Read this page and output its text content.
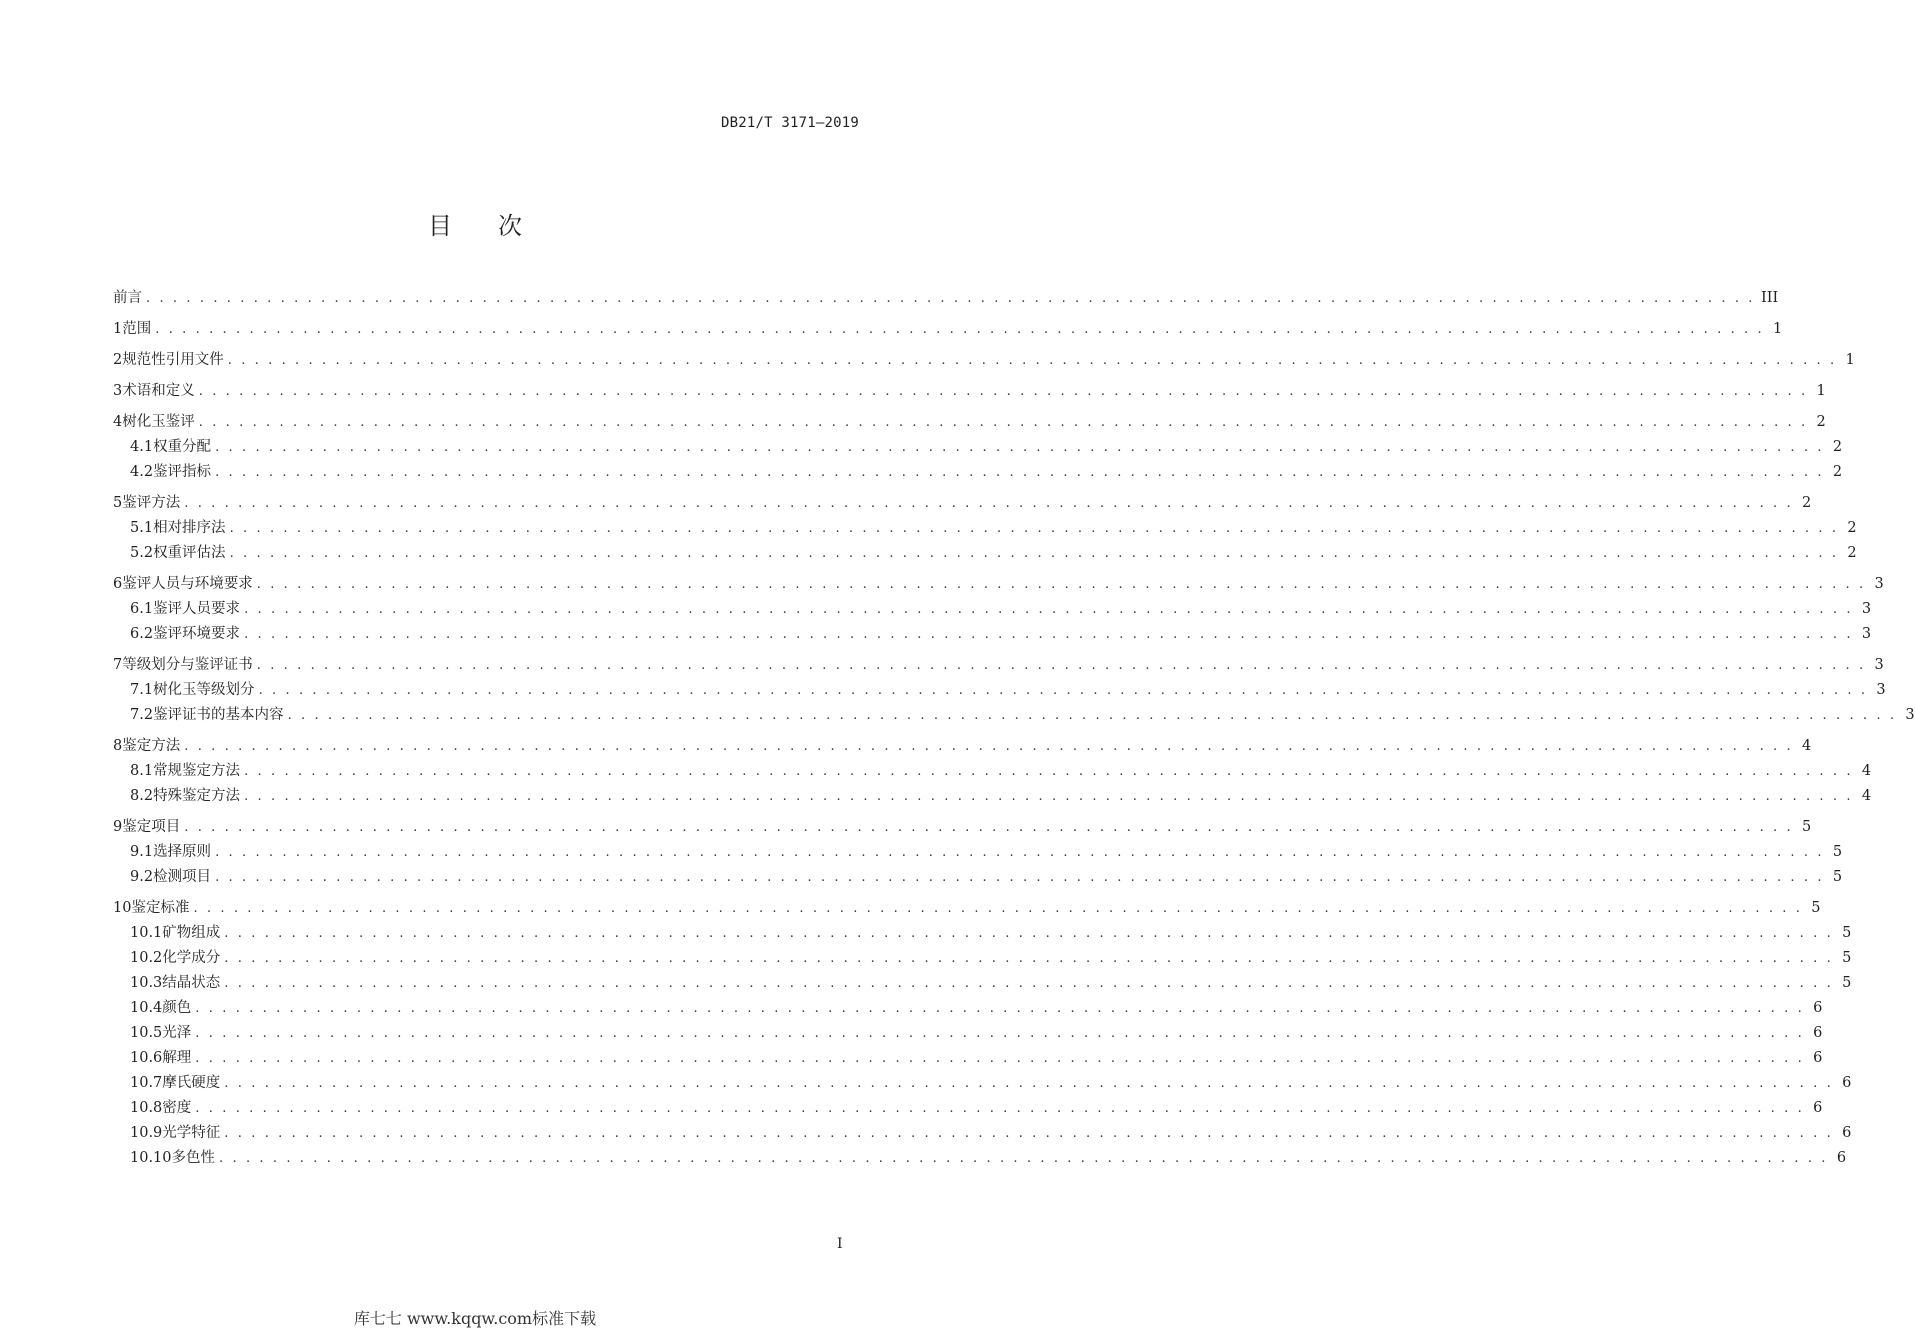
DB21/T 3171—2019
目 次
前言 . . . . . . . . . . . . . . . . . . . . . . . . . . . . . . . . . . . . . . . . . . . . . . . . . . . . . . . . . . . . . . . . . . . . . . . . . . . . . . . . . . . . . . . . . . . . . . . . . . . . . . . . . . . . . . . . . . . . . . . . III
1 范围 . . . . . . . . . . . . . . . . . . . . . . . . . . . . . . . . . . . . . . . . . . . . . . . . . . . . . . . . . . . . . . . . . . . . . . . . . . . . . . . . . . . . . . . . . . . . . . . . . . . . . . . . . . . . . . . . . . . . . . . . 1
2 规范性引用文件 . . . . . . . . . . . . . . . . . . . . . . . . . . . . . . . . . . . . . . . . . . . . . . . . . . . . . . . . . . . . . . . . . . . . . . . . . . . . . . . . . . . . . . . . . . . . . . . . . . . . . . . . . . . . . . . . . . . . . . . . 1
3 术语和定义 . . . . . . . . . . . . . . . . . . . . . . . . . . . . . . . . . . . . . . . . . . . . . . . . . . . . . . . . . . . . . . . . . . . . . . . . . . . . . . . . . . . . . . . . . . . . . . . . . . . . . . . . . . . . . . . . . . . . . . . . 1
4 树化玉鉴评 . . . . . . . . . . . . . . . . . . . . . . . . . . . . . . . . . . . . . . . . . . . . . . . . . . . . . . . . . . . . . . . . . . . . . . . . . . . . . . . . . . . . . . . . . . . . . . . . . . . . . . . . . . . . . . . . . . . . . . . . 2
4.1 权重分配 . . . . . . . . . . . . . . . . . . . . . . . . . . . . . . . . . . . . . . . . . . . . . . . . . . . . . . . . . . . . . . . . . . . . . . . . . . . . . . . . . . . . . . . . . . . . . . . . . . . . . . . . . . . . . . . . . . . . . . . . 2
4.2 鉴评指标 . . . . . . . . . . . . . . . . . . . . . . . . . . . . . . . . . . . . . . . . . . . . . . . . . . . . . . . . . . . . . . . . . . . . . . . . . . . . . . . . . . . . . . . . . . . . . . . . . . . . . . . . . . . . . . . . . . . . . . . . 2
5 鉴评方法 . . . . . . . . . . . . . . . . . . . . . . . . . . . . . . . . . . . . . . . . . . . . . . . . . . . . . . . . . . . . . . . . . . . . . . . . . . . . . . . . . . . . . . . . . . . . . . . . . . . . . . . . . . . . . . . . . . . . . . . . 2
5.1 相对排序法 . . . . . . . . . . . . . . . . . . . . . . . . . . . . . . . . . . . . . . . . . . . . . . . . . . . . . . . . . . . . . . . . . . . . . . . . . . . . . . . . . . . . . . . . . . . . . . . . . . . . . . . . . . . . . . . . . . . . . . . . 2
5.2 权重评估法 . . . . . . . . . . . . . . . . . . . . . . . . . . . . . . . . . . . . . . . . . . . . . . . . . . . . . . . . . . . . . . . . . . . . . . . . . . . . . . . . . . . . . . . . . . . . . . . . . . . . . . . . . . . . . . . . . . . . . . . . 2
6 鉴评人员与环境要求 . . . . . . . . . . . . . . . . . . . . . . . . . . . . . . . . . . . . . . . . . . . . . . . . . . . . . . . . . . . . . . . . . . . . . . . . . . . . . . . . . . . . . . . . . . . . . . . . . . . . . . . . . . . . . . . . . . . . . . . . 3
6.1 鉴评人员要求 . . . . . . . . . . . . . . . . . . . . . . . . . . . . . . . . . . . . . . . . . . . . . . . . . . . . . . . . . . . . . . . . . . . . . . . . . . . . . . . . . . . . . . . . . . . . . . . . . . . . . . . . . . . . . . . . . . . . . . . . 3
6.2 鉴评环境要求 . . . . . . . . . . . . . . . . . . . . . . . . . . . . . . . . . . . . . . . . . . . . . . . . . . . . . . . . . . . . . . . . . . . . . . . . . . . . . . . . . . . . . . . . . . . . . . . . . . . . . . . . . . . . . . . . . . . . . . . . 3
7 等级划分与鉴评证书 . . . . . . . . . . . . . . . . . . . . . . . . . . . . . . . . . . . . . . . . . . . . . . . . . . . . . . . . . . . . . . . . . . . . . . . . . . . . . . . . . . . . . . . . . . . . . . . . . . . . . . . . . . . . . . . . . . . . . . . . 3
7.1 树化玉等级划分 . . . . . . . . . . . . . . . . . . . . . . . . . . . . . . . . . . . . . . . . . . . . . . . . . . . . . . . . . . . . . . . . . . . . . . . . . . . . . . . . . . . . . . . . . . . . . . . . . . . . . . . . . . . . . . . . . . . . . . . . 3
7.2 鉴评证书的基本内容 . . . . . . . . . . . . . . . . . . . . . . . . . . . . . . . . . . . . . . . . . . . . . . . . . . . . . . . . . . . . . . . . . . . . . . . . . . . . . . . . . . . . . . . . . . . . . . . . . . . . . . . . . . . . . . . . . . . . . . . . 3
8 鉴定方法 . . . . . . . . . . . . . . . . . . . . . . . . . . . . . . . . . . . . . . . . . . . . . . . . . . . . . . . . . . . . . . . . . . . . . . . . . . . . . . . . . . . . . . . . . . . . . . . . . . . . . . . . . . . . . . . . . . . . . . . . 4
8.1 常规鉴定方法 . . . . . . . . . . . . . . . . . . . . . . . . . . . . . . . . . . . . . . . . . . . . . . . . . . . . . . . . . . . . . . . . . . . . . . . . . . . . . . . . . . . . . . . . . . . . . . . . . . . . . . . . . . . . . . . . . . . . . . . . 4
8.2 特殊鉴定方法 . . . . . . . . . . . . . . . . . . . . . . . . . . . . . . . . . . . . . . . . . . . . . . . . . . . . . . . . . . . . . . . . . . . . . . . . . . . . . . . . . . . . . . . . . . . . . . . . . . . . . . . . . . . . . . . . . . . . . . . . 4
9 鉴定项目 . . . . . . . . . . . . . . . . . . . . . . . . . . . . . . . . . . . . . . . . . . . . . . . . . . . . . . . . . . . . . . . . . . . . . . . . . . . . . . . . . . . . . . . . . . . . . . . . . . . . . . . . . . . . . . . . . . . . . . . . 5
9.1 选择原则 . . . . . . . . . . . . . . . . . . . . . . . . . . . . . . . . . . . . . . . . . . . . . . . . . . . . . . . . . . . . . . . . . . . . . . . . . . . . . . . . . . . . . . . . . . . . . . . . . . . . . . . . . . . . . . . . . . . . . . . . 5
9.2 检测项目 . . . . . . . . . . . . . . . . . . . . . . . . . . . . . . . . . . . . . . . . . . . . . . . . . . . . . . . . . . . . . . . . . . . . . . . . . . . . . . . . . . . . . . . . . . . . . . . . . . . . . . . . . . . . . . . . . . . . . . . . 5
10 鉴定标准 . . . . . . . . . . . . . . . . . . . . . . . . . . . . . . . . . . . . . . . . . . . . . . . . . . . . . . . . . . . . . . . . . . . . . . . . . . . . . . . . . . . . . . . . . . . . . . . . . . . . . . . . . . . . . . . . . . . . . . . . 5
10.1 矿物组成 . . . . . . . . . . . . . . . . . . . . . . . . . . . . . . . . . . . . . . . . . . . . . . . . . . . . . . . . . . . . . . . . . . . . . . . . . . . . . . . . . . . . . . . . . . . . . . . . . . . . . . . . . . . . . . . . . . . . . . . . 5
10.2 化学成分 . . . . . . . . . . . . . . . . . . . . . . . . . . . . . . . . . . . . . . . . . . . . . . . . . . . . . . . . . . . . . . . . . . . . . . . . . . . . . . . . . . . . . . . . . . . . . . . . . . . . . . . . . . . . . . . . . . . . . . . . 5
10.3 结晶状态 . . . . . . . . . . . . . . . . . . . . . . . . . . . . . . . . . . . . . . . . . . . . . . . . . . . . . . . . . . . . . . . . . . . . . . . . . . . . . . . . . . . . . . . . . . . . . . . . . . . . . . . . . . . . . . . . . . . . . . . . 5
10.4 颜色 . . . . . . . . . . . . . . . . . . . . . . . . . . . . . . . . . . . . . . . . . . . . . . . . . . . . . . . . . . . . . . . . . . . . . . . . . . . . . . . . . . . . . . . . . . . . . . . . . . . . . . . . . . . . . . . . . . . . . . . . 6
10.5 光泽 . . . . . . . . . . . . . . . . . . . . . . . . . . . . . . . . . . . . . . . . . . . . . . . . . . . . . . . . . . . . . . . . . . . . . . . . . . . . . . . . . . . . . . . . . . . . . . . . . . . . . . . . . . . . . . . . . . . . . . . . 6
10.6 解理 . . . . . . . . . . . . . . . . . . . . . . . . . . . . . . . . . . . . . . . . . . . . . . . . . . . . . . . . . . . . . . . . . . . . . . . . . . . . . . . . . . . . . . . . . . . . . . . . . . . . . . . . . . . . . . . . . . . . . . . . 6
10.7 摩氏硬度 . . . . . . . . . . . . . . . . . . . . . . . . . . . . . . . . . . . . . . . . . . . . . . . . . . . . . . . . . . . . . . . . . . . . . . . . . . . . . . . . . . . . . . . . . . . . . . . . . . . . . . . . . . . . . . . . . . . . . . . . 6
10.8 密度 . . . . . . . . . . . . . . . . . . . . . . . . . . . . . . . . . . . . . . . . . . . . . . . . . . . . . . . . . . . . . . . . . . . . . . . . . . . . . . . . . . . . . . . . . . . . . . . . . . . . . . . . . . . . . . . . . . . . . . . . 6
10.9 光学特征 . . . . . . . . . . . . . . . . . . . . . . . . . . . . . . . . . . . . . . . . . . . . . . . . . . . . . . . . . . . . . . . . . . . . . . . . . . . . . . . . . . . . . . . . . . . . . . . . . . . . . . . . . . . . . . . . . . . . . . . . 6
10.10 多色性 . . . . . . . . . . . . . . . . . . . . . . . . . . . . . . . . . . . . . . . . . . . . . . . . . . . . . . . . . . . . . . . . . . . . . . . . . . . . . . . . . . . . . . . . . . . . . . . . . . . . . . . . . . . . . . . . . . . . . . . . 6
I
库七七 www.kqqw.com标准下载
